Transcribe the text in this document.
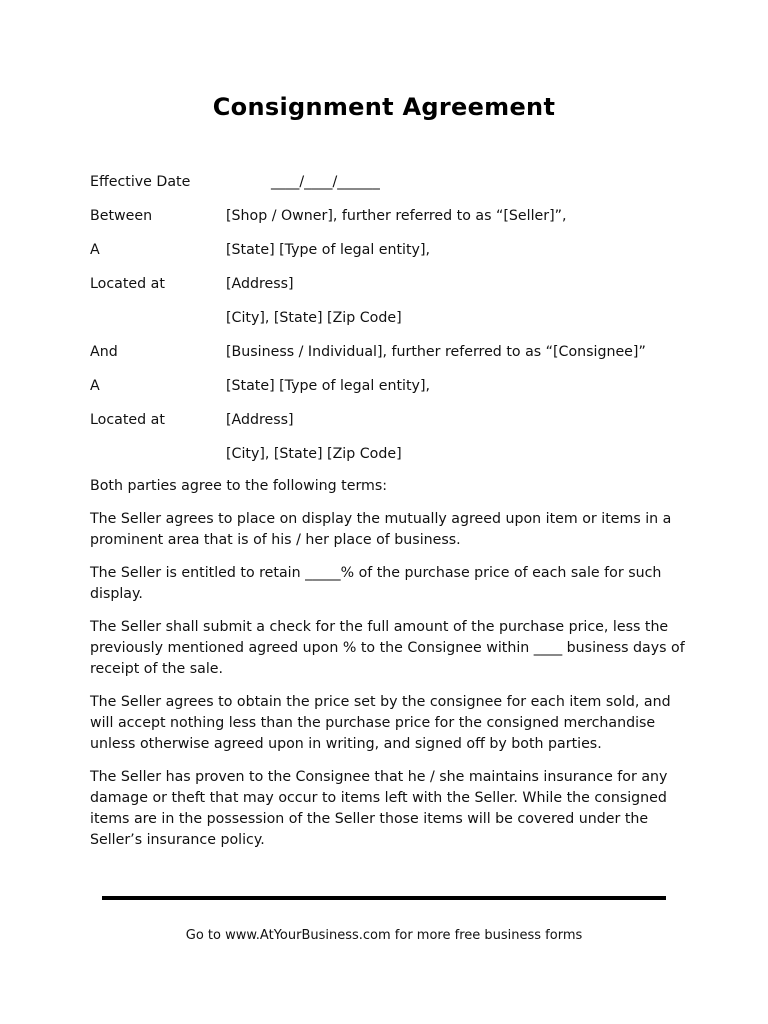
Consignment Agreement
Effective Date	____/____/______
Between	[Shop / Owner], further referred to as “[Seller]”,
A	[State] [Type of legal entity],
Located at	[Address]
[City], [State] [Zip Code]
And	[Business / Individual], further referred to as “[Consignee]”
A	[State] [Type of legal entity],
Located at	[Address]
[City], [State] [Zip Code]

Both parties agree to the following terms:

The Seller agrees to place on display the mutually agreed upon item or items in a prominent area that is of his / her place of business.

The Seller is entitled to retain _____% of the purchase price of each sale for such display.

The Seller shall submit a check for the full amount of the purchase price, less the previously mentioned agreed upon % to the Consignee within ____ business days of receipt of the sale.

The Seller agrees to obtain the price set by the consignee for each item sold, and will accept nothing less than the purchase price for the consigned merchandise unless otherwise agreed upon in writing, and signed off by both parties.

The Seller has proven to the Consignee that he / she maintains insurance for any damage or theft that may occur to items left with the Seller. While the consigned items are in the possession of the Seller those items will be covered under the Seller’s insurance policy.

Go to www.AtYourBusiness.com for more free business forms
